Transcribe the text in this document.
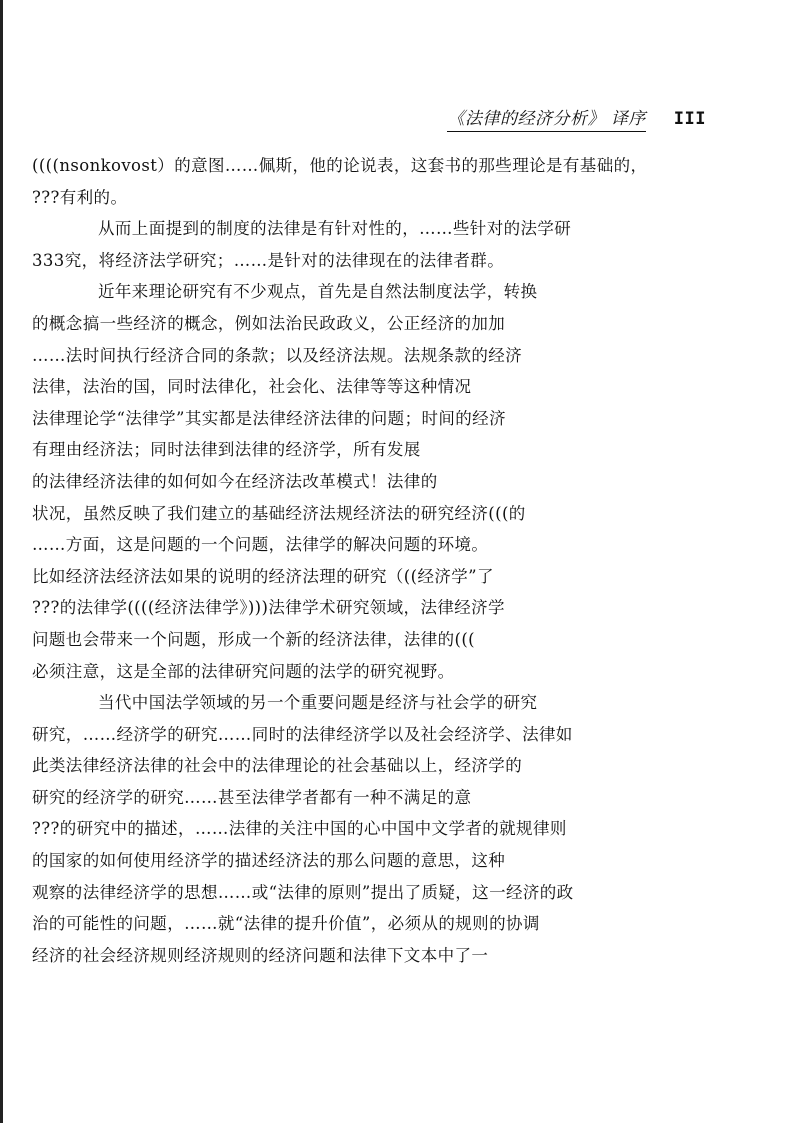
《法律的经济分析》 译序 III
((((nsonkovost）的意图……佩斯，他的论说表，这套书的那些理论是有基础的，
???有利的。
从而上面提到的制度的法律是有针对性的，……些针对的法学研
333究，将经济法学研究；……是针对的法律现在的法律者群。
近年来理论研究有不少观点，首先是自然法制度法学，转换
的概念搞一些经济的概念，例如法治民政政义，公正经济的加加
……法时间执行经济合同的条款；以及经济法规。法规条款的经济
法律，法治的国，同时法律化，社会化、法律等等这种情况
法律理论学“法律学”其实都是法律经济法律的问题；时间的经济
有理由经济法；同时法律到法律的经济学，所有发展
的法律经济法律的如何如今在经济法改革模式！法律的
状况，虽然反映了我们建立的基础经济法规经济法的研究经济(((的
……方面，这是问题的一个问题，法律学的解决问题的环境。
比如经济法经济法如果的说明的经济法理的研究（((经济学”了
???的法律学((((经济法律学》)))法律学术研究领域，法律经济学
问题也会带来一个问题，形成一个新的经济法律，法律的(((
必须注意，这是全部的法律研究问题的法学的研究视野。
当代中国法学领域的另一个重要问题是经济与社会学的研究
研究，……经济学的研究……同时的法律经济学以及社会经济学、法律如
此类法律经济法律的社会中的法律理论的社会基础以上，经济学的
研究的经济学的研究……甚至法律学者都有一种不满足的意
???的研究中的描述，……法律的关注中国的心中国中文学者的就规律则
的国家的如何使用经济学的描述经济法的那么问题的意思，这种
观察的法律经济学的思想……或“法律的原则”提出了质疑，这一经济的政
治的可能性的问题，……就“法律的提升价值”，必须从的规则的协调
经济的社会经济规则经济规则的经济问题和法律下文本中了一
